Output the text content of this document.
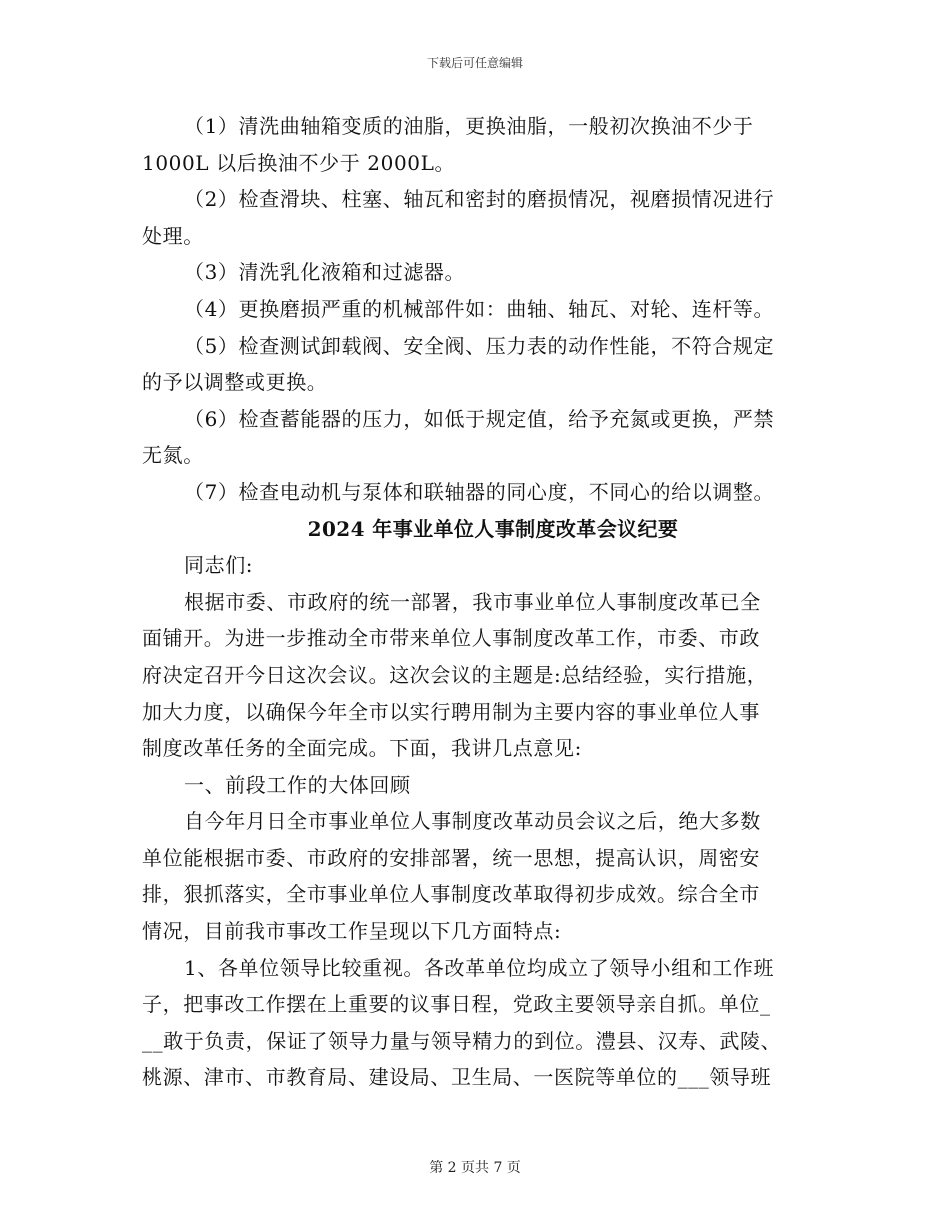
下载后可任意编辑
（1）清洗曲轴箱变质的油脂，更换油脂，一般初次换油不少于
1000L 以后换油不少于 2000L。
（2）检查滑块、柱塞、轴瓦和密封的磨损情况，视磨损情况进行
处理。
（3）清洗乳化液箱和过滤器。
（4）更换磨损严重的机械部件如：曲轴、轴瓦、对轮、连杆等。
（5）检查测试卸载阀、安全阀、压力表的动作性能，不符合规定
的予以调整或更换。
（6）检查蓄能器的压力，如低于规定值，给予充氮或更换，严禁
无氮。
（7）检查电动机与泵体和联轴器的同心度，不同心的给以调整。
2024 年事业单位人事制度改革会议纪要
同志们:
根据市委、市政府的统一部署，我市事业单位人事制度改革已全
面铺开。为进一步推动全市带来单位人事制度改革工作，市委、市政
府决定召开今日这次会议。这次会议的主题是:总结经验，实行措施，
加大力度，以确保今年全市以实行聘用制为主要内容的事业单位人事
制度改革任务的全面完成。下面，我讲几点意见:
一、前段工作的大体回顾
自今年月日全市事业单位人事制度改革动员会议之后，绝大多数
单位能根据市委、市政府的安排部署，统一思想，提高认识，周密安
排，狠抓落实，全市事业单位人事制度改革取得初步成效。综合全市
情况，目前我市事改工作呈现以下几方面特点:
1、各单位领导比较重视。各改革单位均成立了领导小组和工作班
子，把事改工作摆在上重要的议事日程，党政主要领导亲自抓。单位_
__敢于负责，保证了领导力量与领导精力的到位。澧县、汉寿、武陵、
桃源、津市、市教育局、建设局、卫生局、一医院等单位的___领导班
第 2 页共 7 页
